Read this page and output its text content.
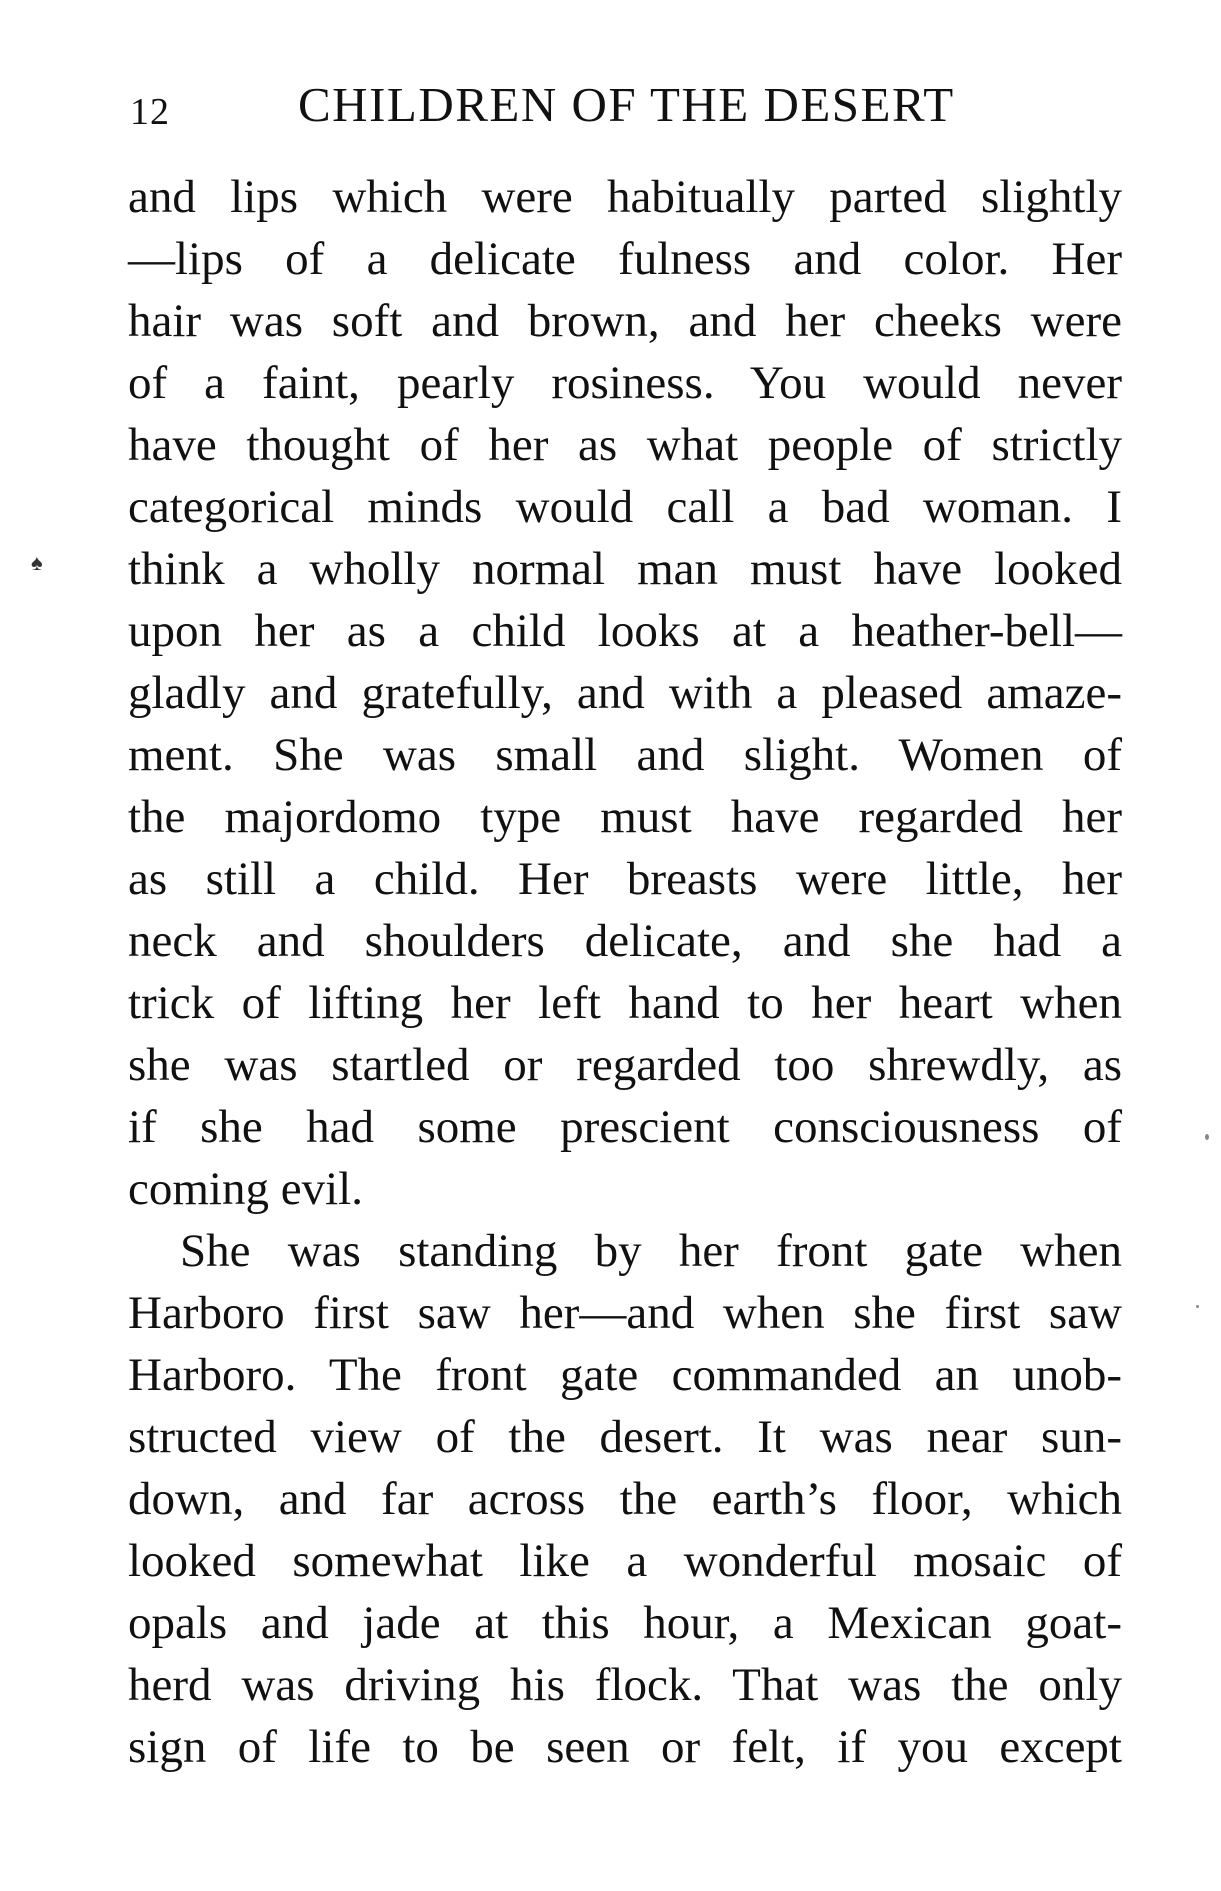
12	CHILDREN OF THE DESERT
♠
and lips which were habitually parted slightly
—lips of a delicate fulness and color. Her
hair was soft and brown, and her cheeks were
of a faint, pearly rosiness. You would never
have thought of her as what people of strictly
categorical minds would call a bad woman. I
think a wholly normal man must have looked
upon her as a child looks at a heather-bell—
gladly and gratefully, and with a pleased amaze-
ment. She was small and slight. Women of
the majordomo type must have regarded her
as still a child. Her breasts were little, her
neck and shoulders delicate, and she had a
trick of lifting her left hand to her heart when
she was startled or regarded too shrewdly, as
if she had some prescient consciousness of
coming evil.
She was standing by her front gate when
Harboro first saw her—and when she first saw
Harboro. The front gate commanded an unob-
structed view of the desert. It was near sun-
down, and far across the earth’s floor, which
looked somewhat like a wonderful mosaic of
opals and jade at this hour, a Mexican goat-
herd was driving his flock. That was the only
sign of life to be seen or felt, if you except
